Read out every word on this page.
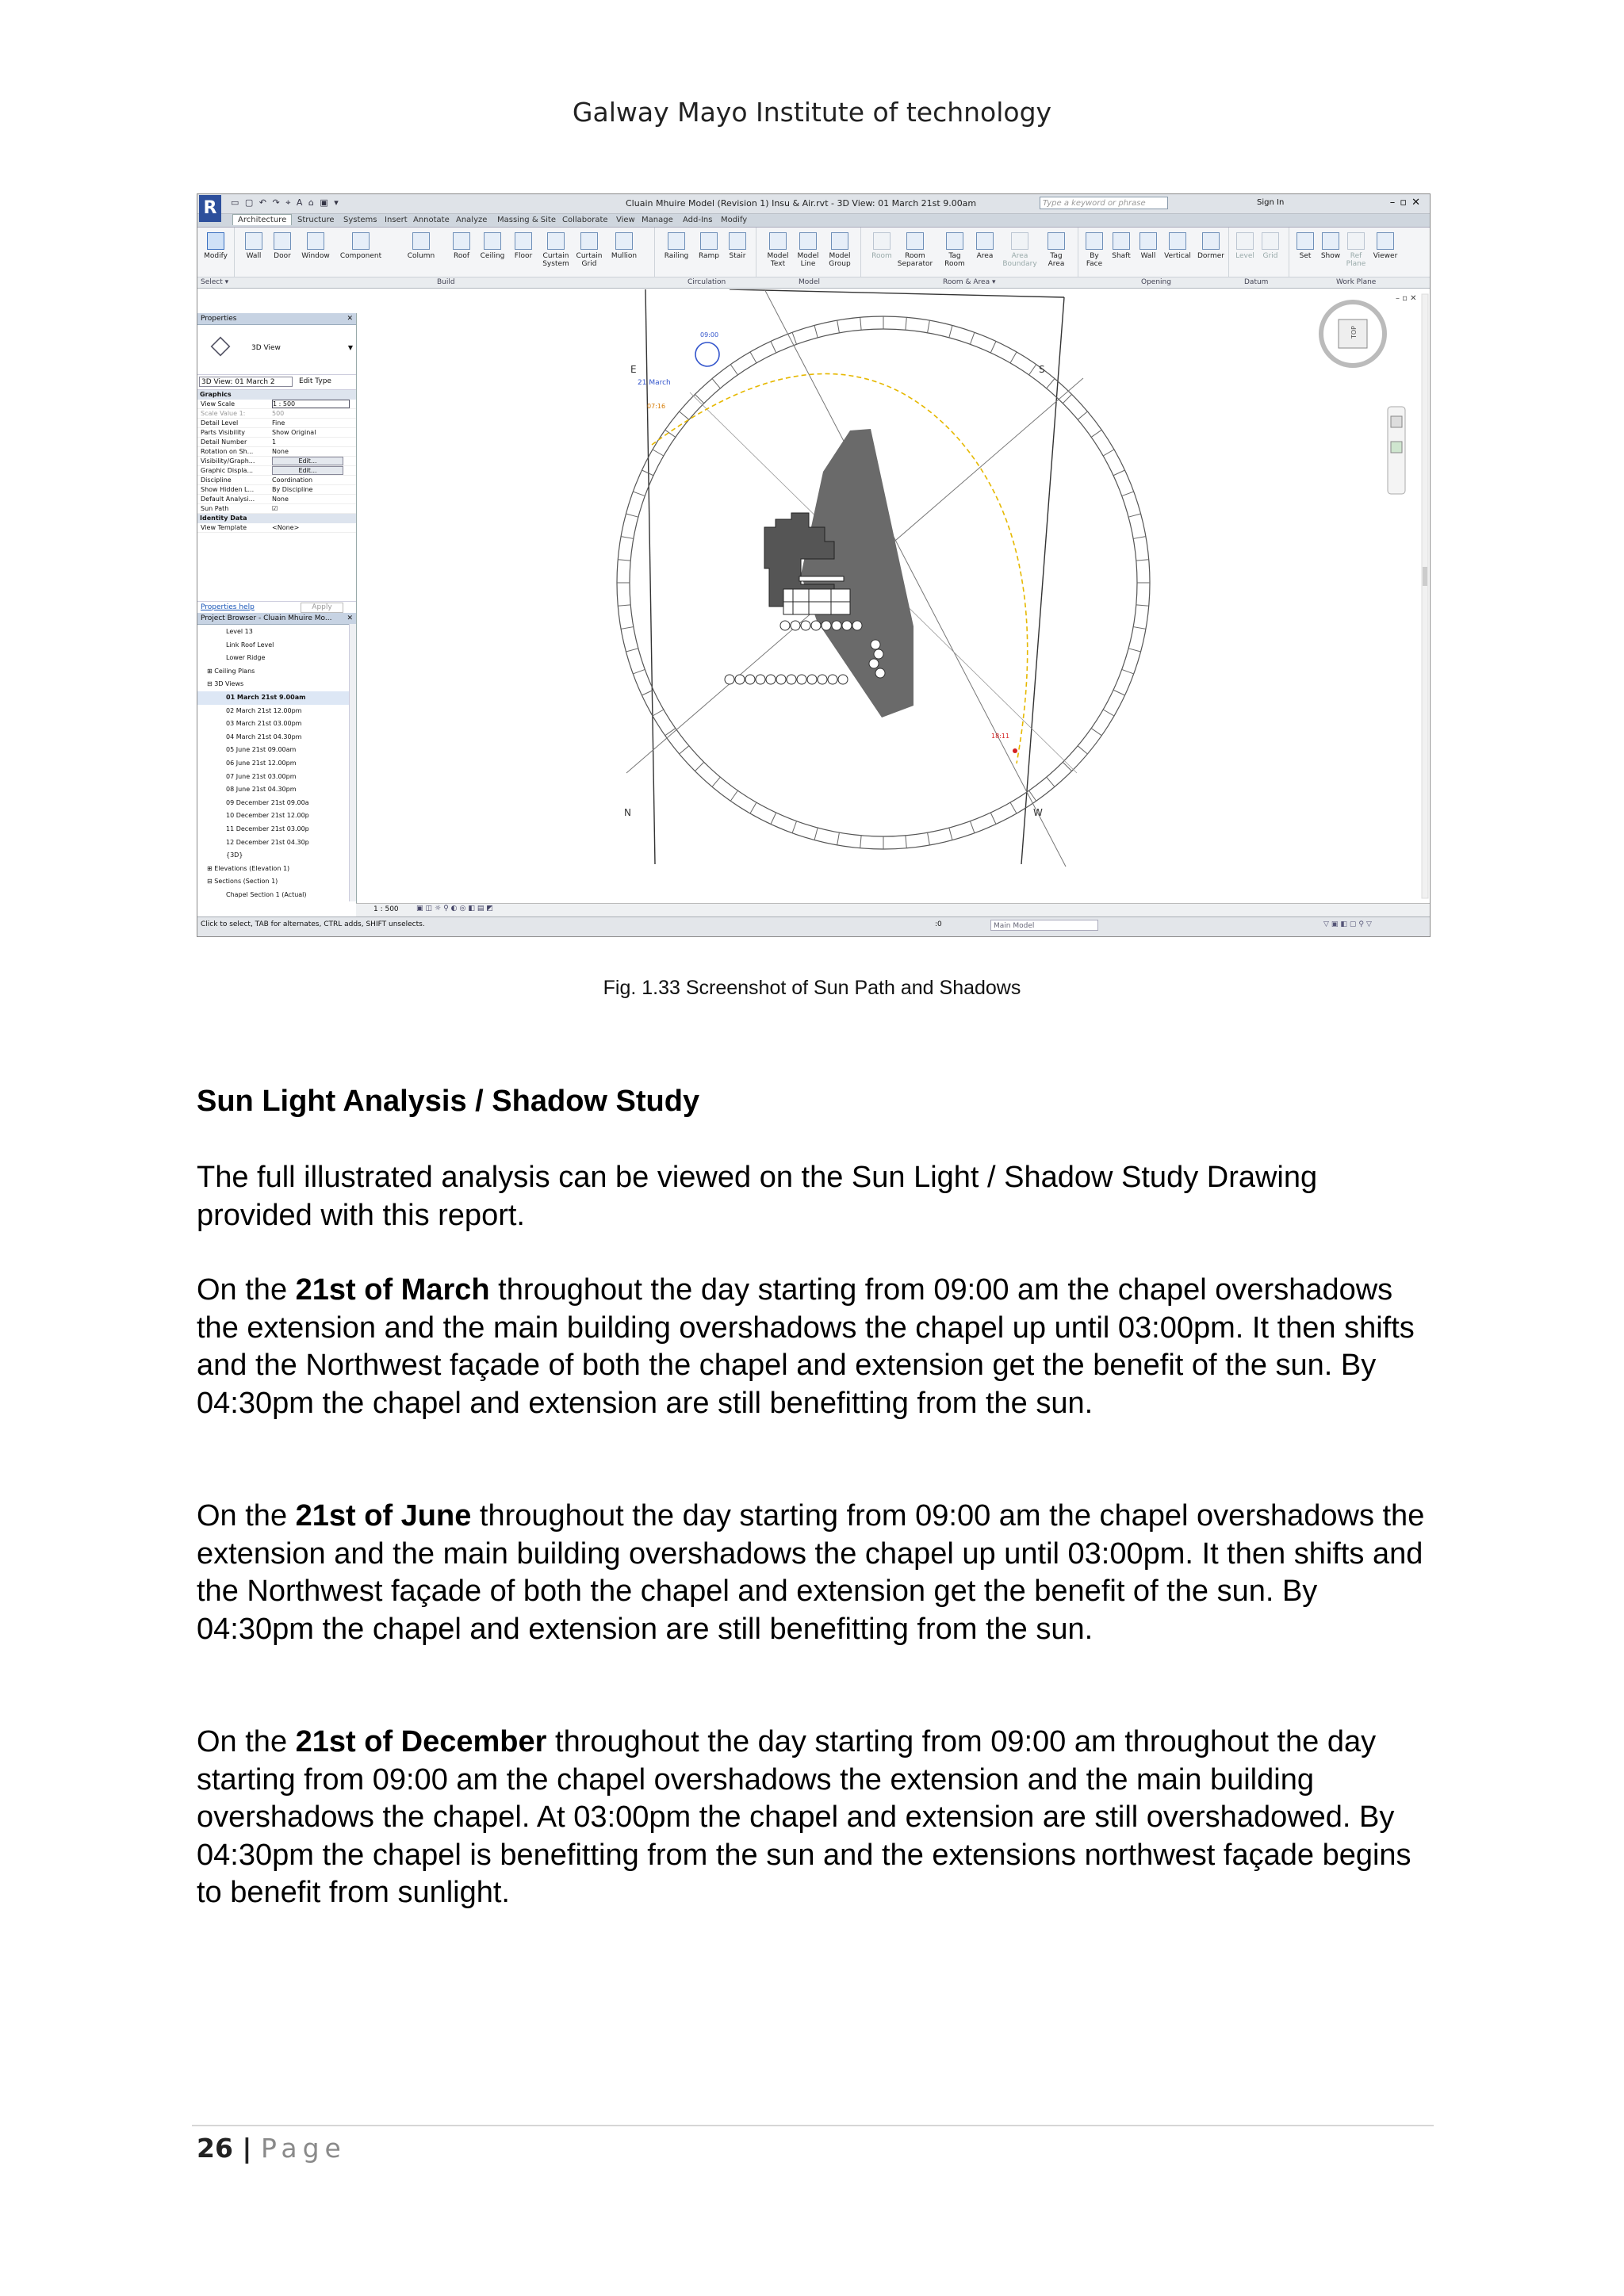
Galway Mayo Institute of technology
R	▭ ▢ ↶ ↷ ⌖ A ⌂ ▣ ▾	Cluain Mhuire Model (Revision 1) Insu & Air.rvt - 3D View: 01 March 21st 9.00am	Type a keyword or phrase	Sign In	–▫✕
Architecture	Structure Systems Insert Annotate Analyze Massing & Site Collaborate View Manage Add-Ins Modify
Modify	Wall	Door	Window	Component	Column	Roof	Ceiling	Floor	Curtain System
Curtain Grid
Mullion	Railing	Ramp	Stair	Model Text
Model Line
Model Group
Room	Room Separator
Tag Room
Area	Area Boundary
Tag Area
By Face
Shaft	Wall	Vertical Dormer	Level	Grid	Set	Show	Ref Plane
Viewer
Select ▾	Build	Circulation	Model	Room & Area ▾	Opening	Datum	Work Plane
Properties	✕
3D View	▼
3D View: 01 March 2	Edit Type
Graphics
View Scale	1 : 500
Scale Value 1:	500
Detail Level	Fine
Parts Visibility	Show Original
Detail Number	1
Rotation on Sh...	None
Visibility/Graph...	Edit...
Graphic Displa...	Edit...
Discipline	Coordination
Show Hidden L...	By Discipline
Default Analysi...	None
Sun Path	☑
Identity Data
View Template	<None>
Properties help	Apply
Project Browser - Cluain Mhuire Mo... ✕
Level 13
Link Roof Level
Lower Ridge
⊞ Ceiling Plans
⊟ 3D Views
01 March 21st 9.00am
02 March 21st 12.00pm
03 March 21st 03.00pm
04 March 21st 04.30pm
05 June 21st 09.00am
06 June 21st 12.00pm
07 June 21st 03.00pm
08 June 21st 04.30pm
09 December 21st 09.00a
10 December 21st 12.00p
11 December 21st 03.00p
12 December 21st 04.30p
{3D}
⊞ Elevations (Elevation 1)
⊟ Sections (Section 1)
Chapel Section 1 (Actual)
E	S
N	W
21 March
07:16
09:00
18:11
TOP
– ▫ ✕
1 : 500 ▣◫☼⚲◐◎◧▤◩
Click to select, TAB for alternates, CTRL adds, SHIFT unselects.	:0	Main Model	▽▣◧▢⚲▽
Fig. 1.33 Screenshot of Sun Path and Shadows
Sun Light Analysis / Shadow Study

The full illustrated analysis can be viewed on the Sun Light / Shadow Study Drawing provided with this report.

On the 21st of March throughout the day starting from 09:00 am the chapel overshadows the extension and the main building overshadows the chapel up until 03:00pm. It then shifts and the Northwest façade of both the chapel and extension get the benefit of the sun. By 04:30pm the chapel and extension are still benefitting from the sun.

On the 21st of June throughout the day starting from 09:00 am the chapel overshadows the extension and the main building overshadows the chapel up until 03:00pm. It then shifts and the Northwest façade of both the chapel and extension get the benefit of the sun. By 04:30pm the chapel and extension are still benefitting from the sun.

On the 21st of December throughout the day starting from 09:00 am throughout the day starting from 09:00 am the chapel overshadows the extension and the main building overshadows the chapel. At 03:00pm the chapel and extension are still overshadowed. By 04:30pm the chapel is benefitting from the sun and the extensions northwest façade begins to benefit from sunlight.

26 | Page
